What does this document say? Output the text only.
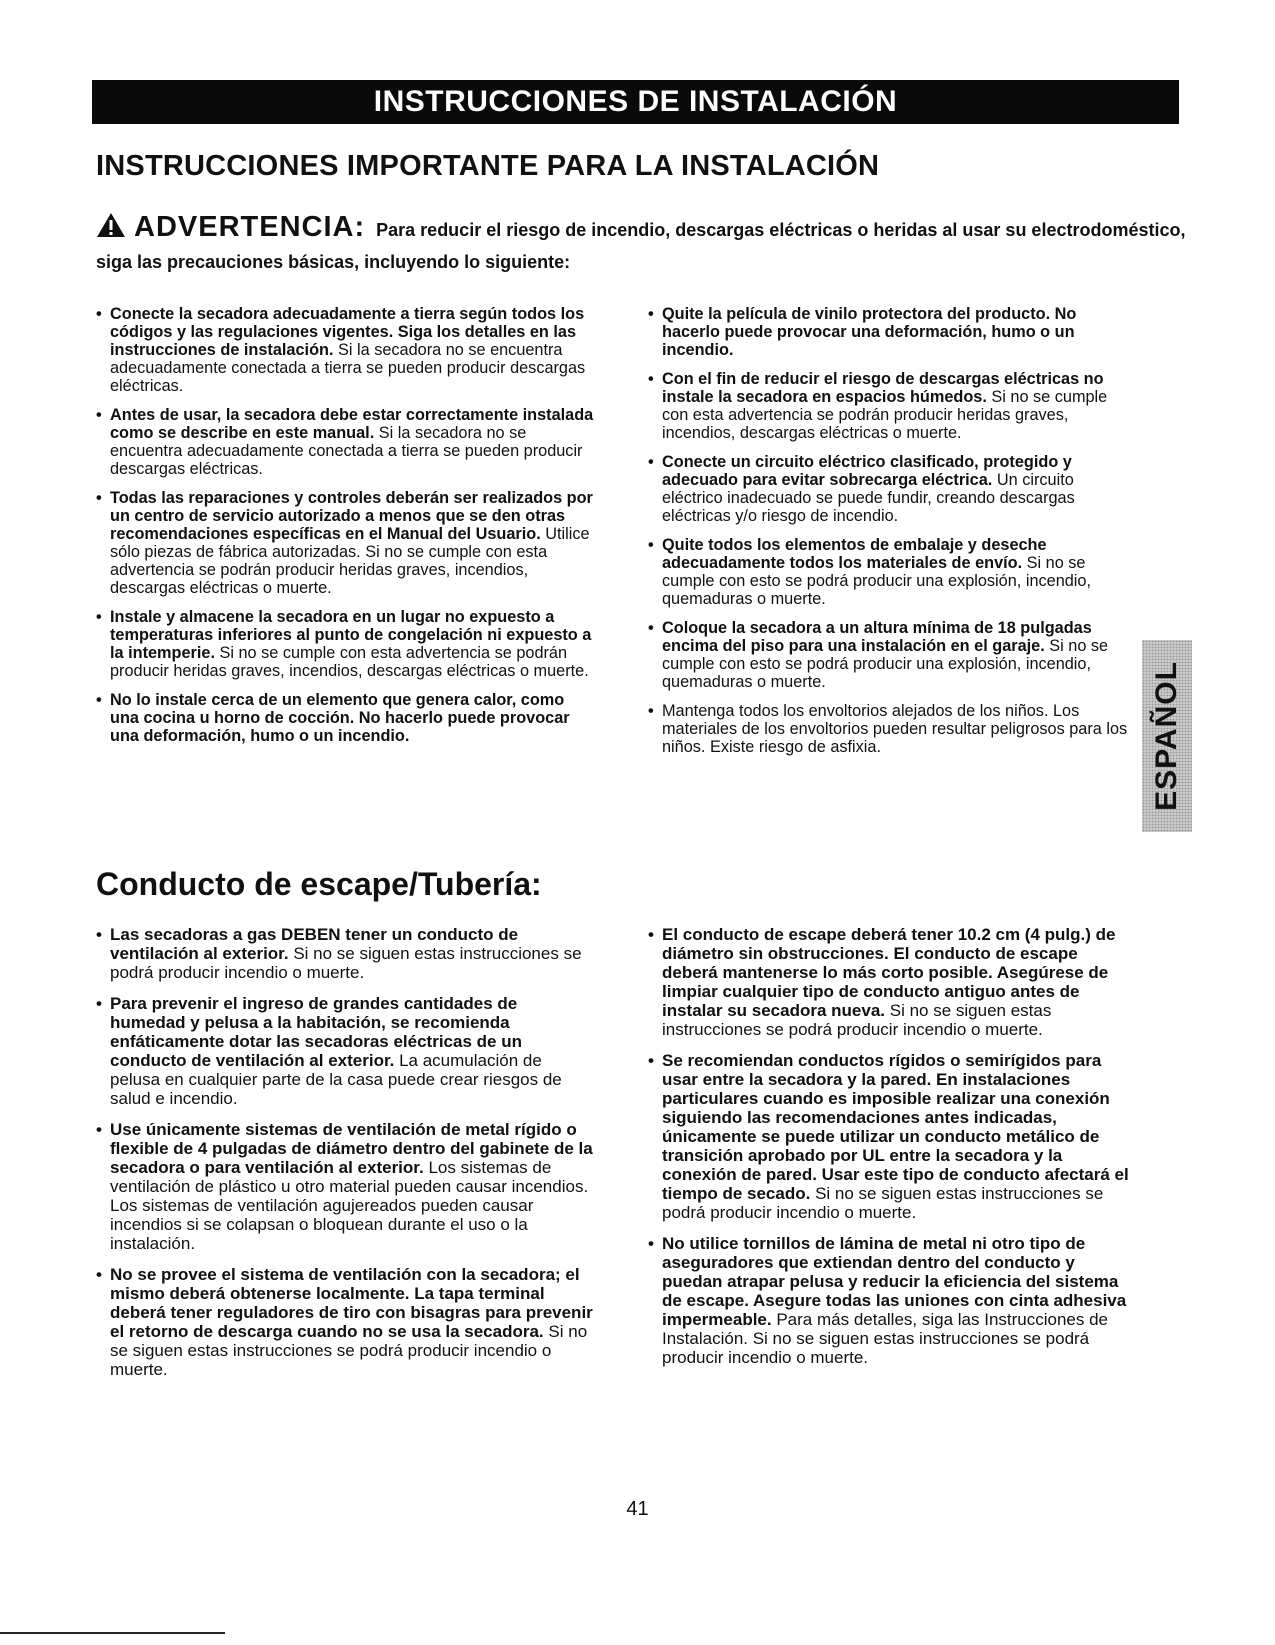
INSTRUCCIONES DE INSTALACIÓN
INSTRUCCIONES IMPORTANTE PARA LA INSTALACIÓN
ADVERTENCIA: Para reducir el riesgo de incendio, descargas eléctricas o heridas al usar su electrodoméstico, siga las precauciones básicas, incluyendo lo siguiente:
• Conecte la secadora adecuadamente a tierra según todos los códigos y las regulaciones vigentes. Siga los detalles en las instrucciones de instalación. Si la secadora no se encuentra adecuadamente conectada a tierra se pueden producir descargas eléctricas.
• Antes de usar, la secadora debe estar correctamente instalada como se describe en este manual. Si la secadora no se encuentra adecuadamente conectada a tierra se pueden producir descargas eléctricas.
• Todas las reparaciones y controles deberán ser realizados por un centro de servicio autorizado a menos que se den otras recomendaciones específicas en el Manual del Usuario. Utilice sólo piezas de fábrica autorizadas. Si no se cumple con esta advertencia se podrán producir heridas graves, incendios, descargas eléctricas o muerte.
• Instale y almacene la secadora en un lugar no expuesto a temperaturas inferiores al punto de congelación ni expuesto a la intemperie. Si no se cumple con esta advertencia se podrán producir heridas graves, incendios, descargas eléctricas o muerte.
• No lo instale cerca de un elemento que genera calor, como una cocina u horno de cocción. No hacerlo puede provocar una deformación, humo o un incendio.
• Quite la película de vinilo protectora del producto. No hacerlo puede provocar una deformación, humo o un incendio.
• Con el fin de reducir el riesgo de descargas eléctricas no instale la secadora en espacios húmedos. Si no se cumple con esta advertencia se podrán producir heridas graves, incendios, descargas eléctricas o muerte.
• Conecte un circuito eléctrico clasificado, protegido y adecuado para evitar sobrecarga eléctrica. Un circuito eléctrico inadecuado se puede fundir, creando descargas eléctricas y/o riesgo de incendio.
• Quite todos los elementos de embalaje y deseche adecuadamente todos los materiales de envío. Si no se cumple con esto se podrá producir una explosión, incendio, quemaduras o muerte.
• Coloque la secadora a un altura mínima de 18 pulgadas encima del piso para una instalación en el garaje. Si no se cumple con esto se podrá producir una explosión, incendio, quemaduras o muerte.
• Mantenga todos los envoltorios alejados de los niños. Los materiales de los envoltorios pueden resultar peligrosos para los niños. Existe riesgo de asfixia.	ESPAÑOL
Conducto de escape/Tubería:
• Las secadoras a gas DEBEN tener un conducto de ventilación al exterior. Si no se siguen estas instrucciones se podrá producir incendio o muerte.
• Para prevenir el ingreso de grandes cantidades de humedad y pelusa a la habitación, se recomienda enfáticamente dotar las secadoras eléctricas de un conducto de ventilación al exterior. La acumulación de pelusa en cualquier parte de la casa puede crear riesgos de salud e incendio.
• Use únicamente sistemas de ventilación de metal rígido o flexible de 4 pulgadas de diámetro dentro del gabinete de la secadora o para ventilación al exterior. Los sistemas de ventilación de plástico u otro material pueden causar incendios. Los sistemas de ventilación agujereados pueden causar incendios si se colapsan o bloquean durante el uso o la instalación.
• No se provee el sistema de ventilación con la secadora; el mismo deberá obtenerse localmente. La tapa terminal deberá tener reguladores de tiro con bisagras para prevenir el retorno de descarga cuando no se usa la secadora. Si no se siguen estas instrucciones se podrá producir incendio o muerte.
• El conducto de escape deberá tener 10.2 cm (4 pulg.) de diámetro sin obstrucciones. El conducto de escape deberá mantenerse lo más corto posible. Asegúrese de limpiar cualquier tipo de conducto antiguo antes de instalar su secadora nueva. Si no se siguen estas instrucciones se podrá producir incendio o muerte.
• Se recomiendan conductos rígidos o semirígidos para usar entre la secadora y la pared. En instalaciones particulares cuando es imposible realizar una conexión siguiendo las recomendaciones antes indicadas, únicamente se puede utilizar un conducto metálico de transición aprobado por UL entre la secadora y la conexión de pared. Usar este tipo de conducto afectará el tiempo de secado. Si no se siguen estas instrucciones se podrá producir incendio o muerte.
• No utilice tornillos de lámina de metal ni otro tipo de aseguradores que extiendan dentro del conducto y puedan atrapar pelusa y reducir la eficiencia del sistema de escape. Asegure todas las uniones con cinta adhesiva impermeable. Para más detalles, siga las Instrucciones de Instalación. Si no se siguen estas instrucciones se podrá producir incendio o muerte.
41
